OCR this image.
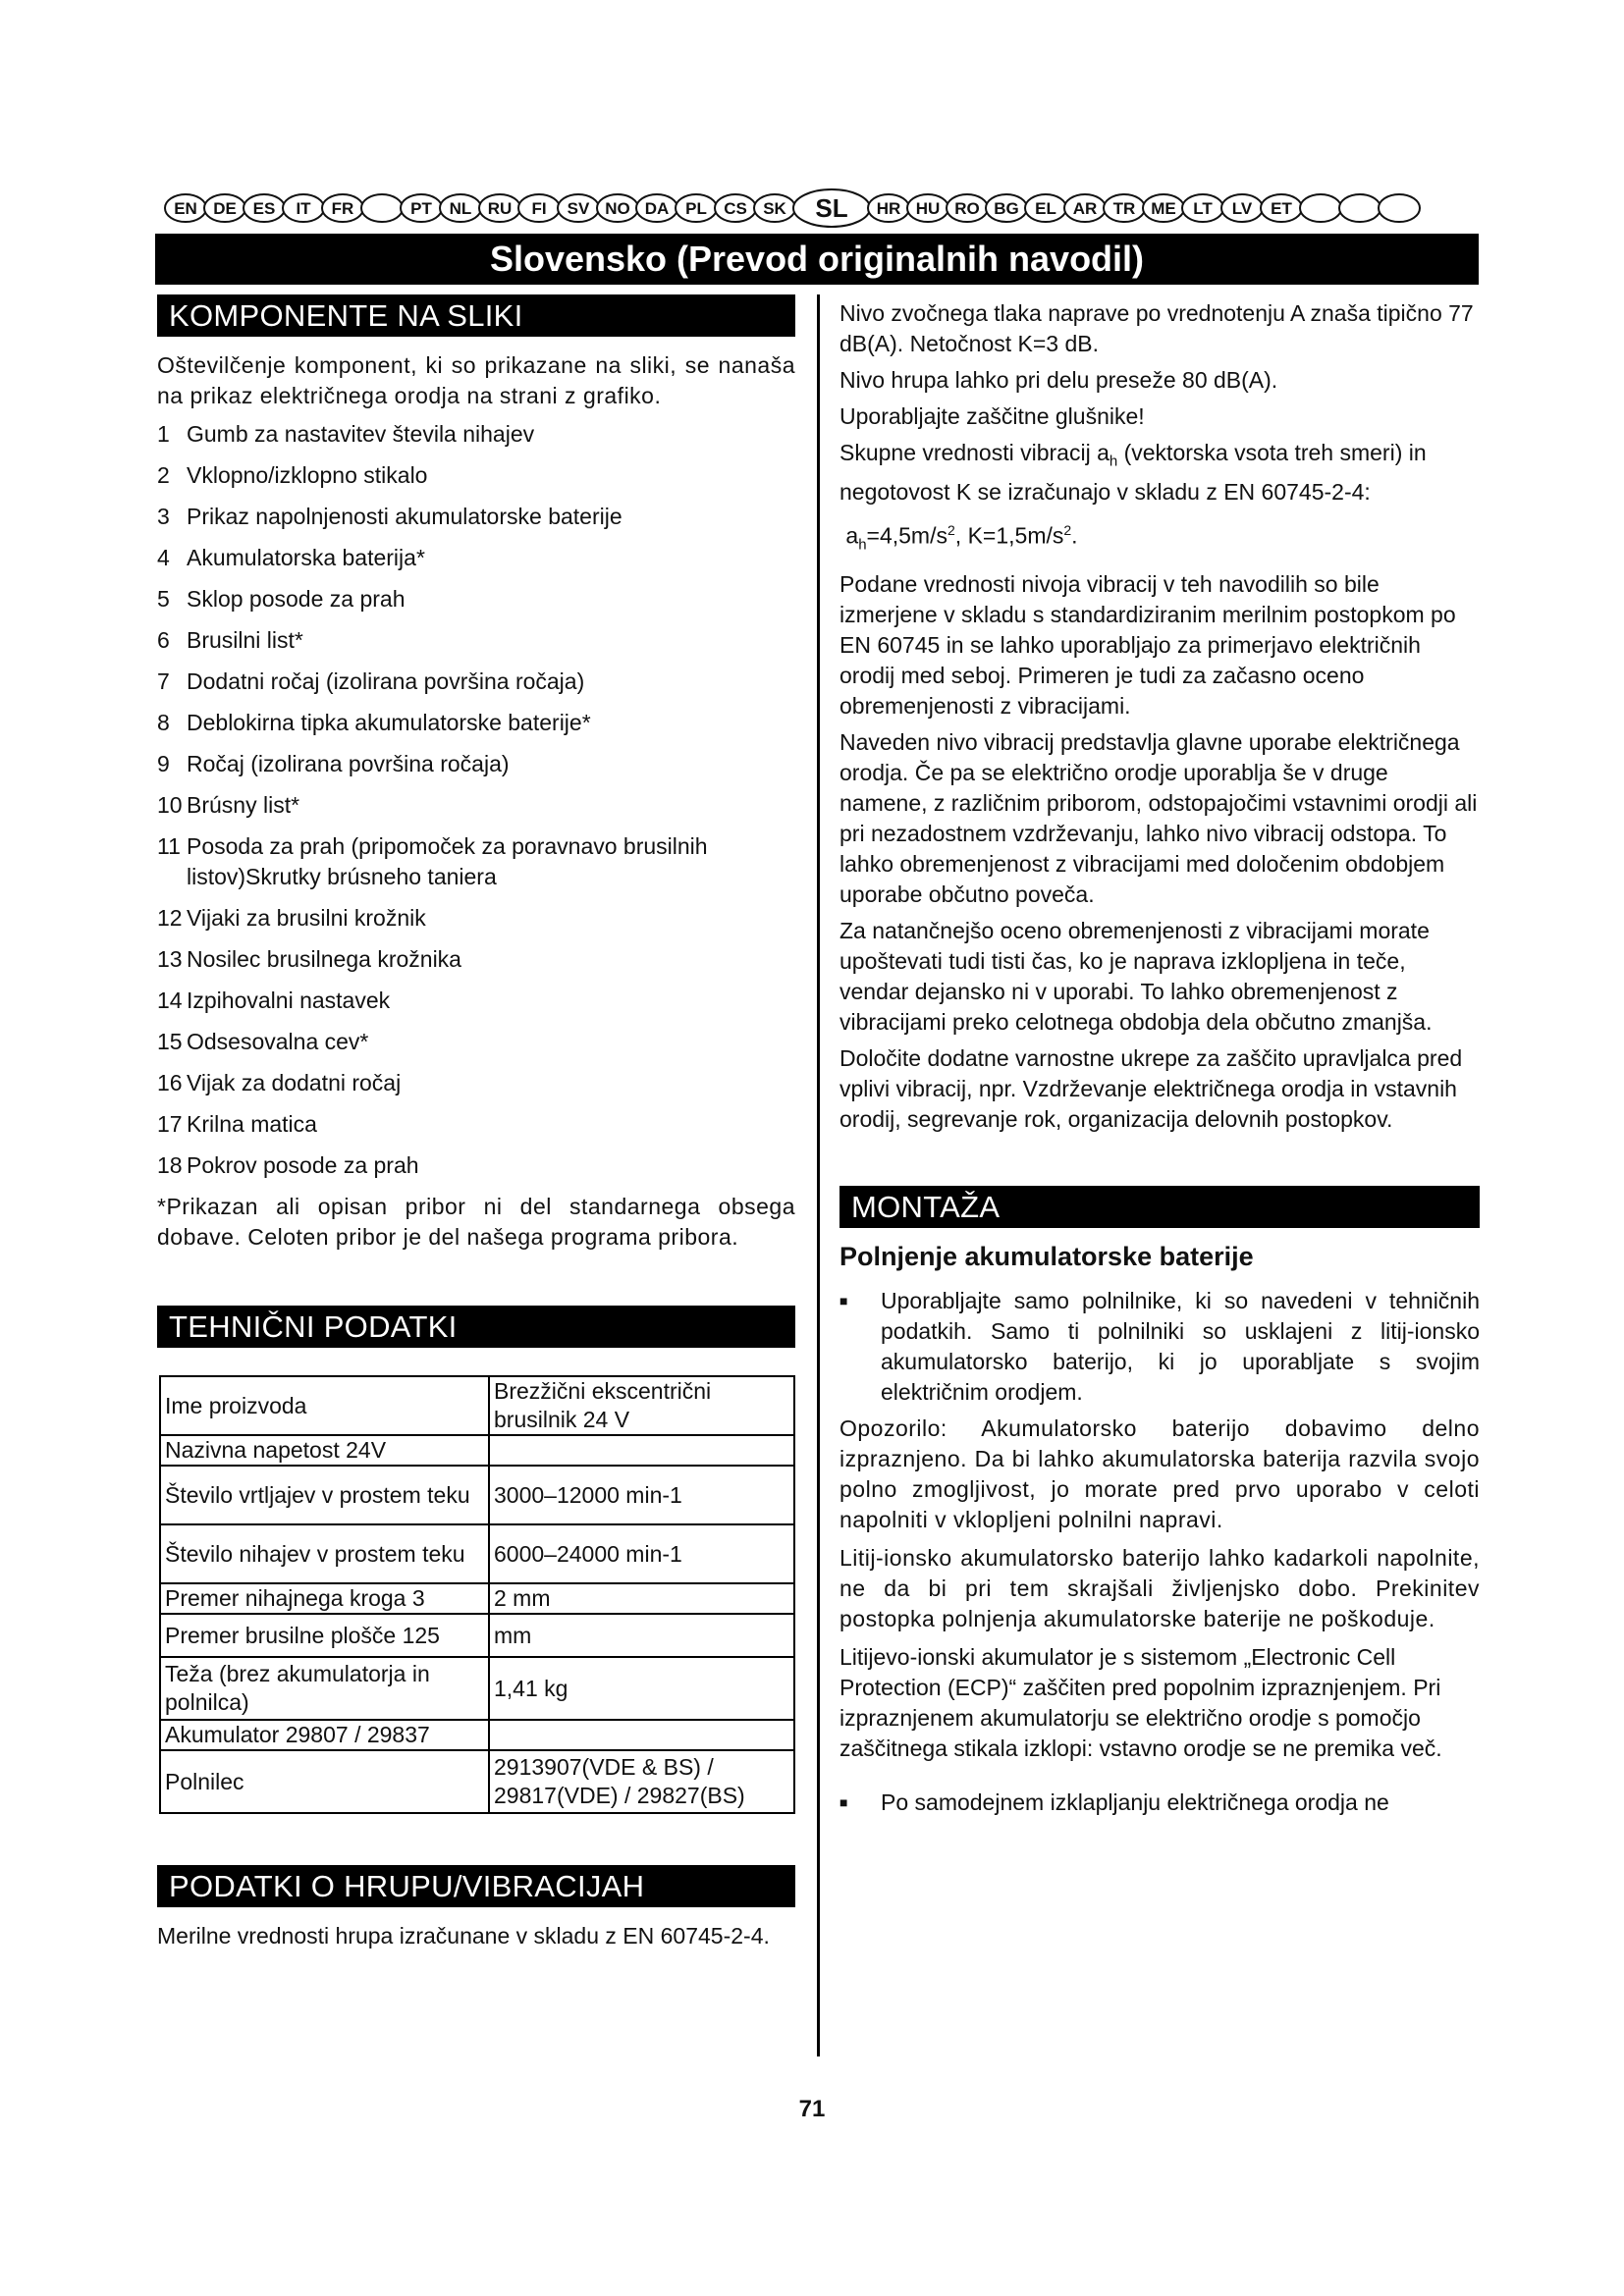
EN DE ES IT FR	PT NL RU FI SV NO DA PL CS SK SL HR HU RO BG EL AR TR ME LT LV ET
Slovensko (Prevod originalnih navodil)
KOMPONENTE NA SLIKI

Oštevilčenje komponent, ki so prikazane na sliki, se nanaša na prikaz električnega orodja na strani z grafiko.

1 Gumb za nastavitev števila nihajev
2 Vklopno/izklopno stikalo
3 Prikaz napolnjenosti akumulatorske baterije
4 Akumulatorska baterija*
5 Sklop posode za prah
6 Brusilni list*
7 Dodatni ročaj (izolirana površina ročaja)
8 Deblokirna tipka akumulatorske baterije*
9 Ročaj (izolirana površina ročaja)
10 Brúsny list*
11 Posoda za prah (pripomoček za poravnavo brusilnih listov)Skrutky brúsneho taniera
12 Vijaki za brusilni krožnik
13 Nosilec brusilnega krožnika
14 Izpihovalni nastavek
15 Odsesovalna cev*
16 Vijak za dodatni ročaj
17 Krilna matica
18 Pokrov posode za prah

*Prikazan ali opisan pribor ni del standarnega obsega dobave. Celoten pribor je del našega programa pribora.

TEHNIČNI PODATKI
Ime proizvoda	Brezžični ekscentrični brusilnik 24 V
Nazivna napetost 24V	
Število vrtljajev v prostem teku	3000–12000 min-1
Število nihajev v prostem teku	6000–24000 min-1
Premer nihajnega kroga 3	2 mm
Premer brusilne plošče 125	mm
Teža (brez akumulatorja in polnilca)	1,41 kg
Akumulator 29807 / 29837	
Polnilec	2913907(VDE & BS) / 29817(VDE) / 29827(BS)
PODATKI O HRUPU/VIBRACIJAH

Merilne vrednosti hrupa izračunane v skladu z EN 60745-2-4.

Nivo zvočnega tlaka naprave po vrednotenju A znaša tipično 77 dB(A). Netočnost K=3 dB.

Nivo hrupa lahko pri delu preseže 80 dB(A).

Uporabljajte zaščitne glušnike!

Skupne vrednosti vibracij $a_h$ (vektorska vsota treh smeri) in negotovost K se izračunajo v skladu z EN 60745-2-4:

$a_h=4,5m/s^2$, $K=1,5m/s^2$.

Podane vrednosti nivoja vibracij v teh navodilih so bile izmerjene v skladu s standardiziranim merilnim postopkom po EN 60745 in se lahko uporabljajo za primerjavo električnih orodij med seboj. Primeren je tudi za začasno oceno obremenjenosti z vibracijami.

Naveden nivo vibracij predstavlja glavne uporabe električnega orodja. Če pa se električno orodje uporablja še v druge namene, z različnim priborom, odstopajočimi vstavnimi orodji ali pri nezadostnem vzdrževanju, lahko nivo vibracij odstopa. To lahko obremenjenost z vibracijami med določenim obdobjem uporabe občutno poveča.

Za natančnejšo oceno obremenjenosti z vibracijami morate upoštevati tudi tisti čas, ko je naprava izklopljena in teče, vendar dejansko ni v uporabi. To lahko obremenjenost z vibracijami preko celotnega obdobja dela občutno zmanjša.

Določite dodatne varnostne ukrepe za zaščito upravljalca pred vplivi vibracij, npr. Vzdrževanje električnega orodja in vstavnih orodij, segrevanje rok, organizacija delovnih postopkov.

MONTAŽA
Polnjenje akumulatorske baterije
■	Uporabljajte samo polnilnike, ki so navedeni v tehničnih podatkih. Samo ti polnilniki so usklajeni z litij-ionsko akumulatorsko baterijo, ki jo uporabljate s svojim električnim orodjem.

Opozorilo: Akumulatorsko baterijo dobavimo delno izpraznjeno. Da bi lahko akumulatorska baterija razvila svojo polno zmogljivost, jo morate pred prvo uporabo v celoti napolniti v vklopljeni polnilni napravi.

Litij-ionsko akumulatorsko baterijo lahko kadarkoli napolnite, ne da bi pri tem skrajšali življenjsko dobo. Prekinitev postopka polnjenja akumulatorske baterije ne poškoduje.

Litijevo-ionski akumulator je s sistemom „Electronic Cell Protection (ECP)“ zaščiten pred popolnim izpraznjenjem. Pri izpraznjenem akumulatorju se električno orodje s pomočjo zaščitnega stikala izklopi: vstavno orodje se ne premika več.

■	Po samodejnem izklapljanju električnega orodja ne
71
